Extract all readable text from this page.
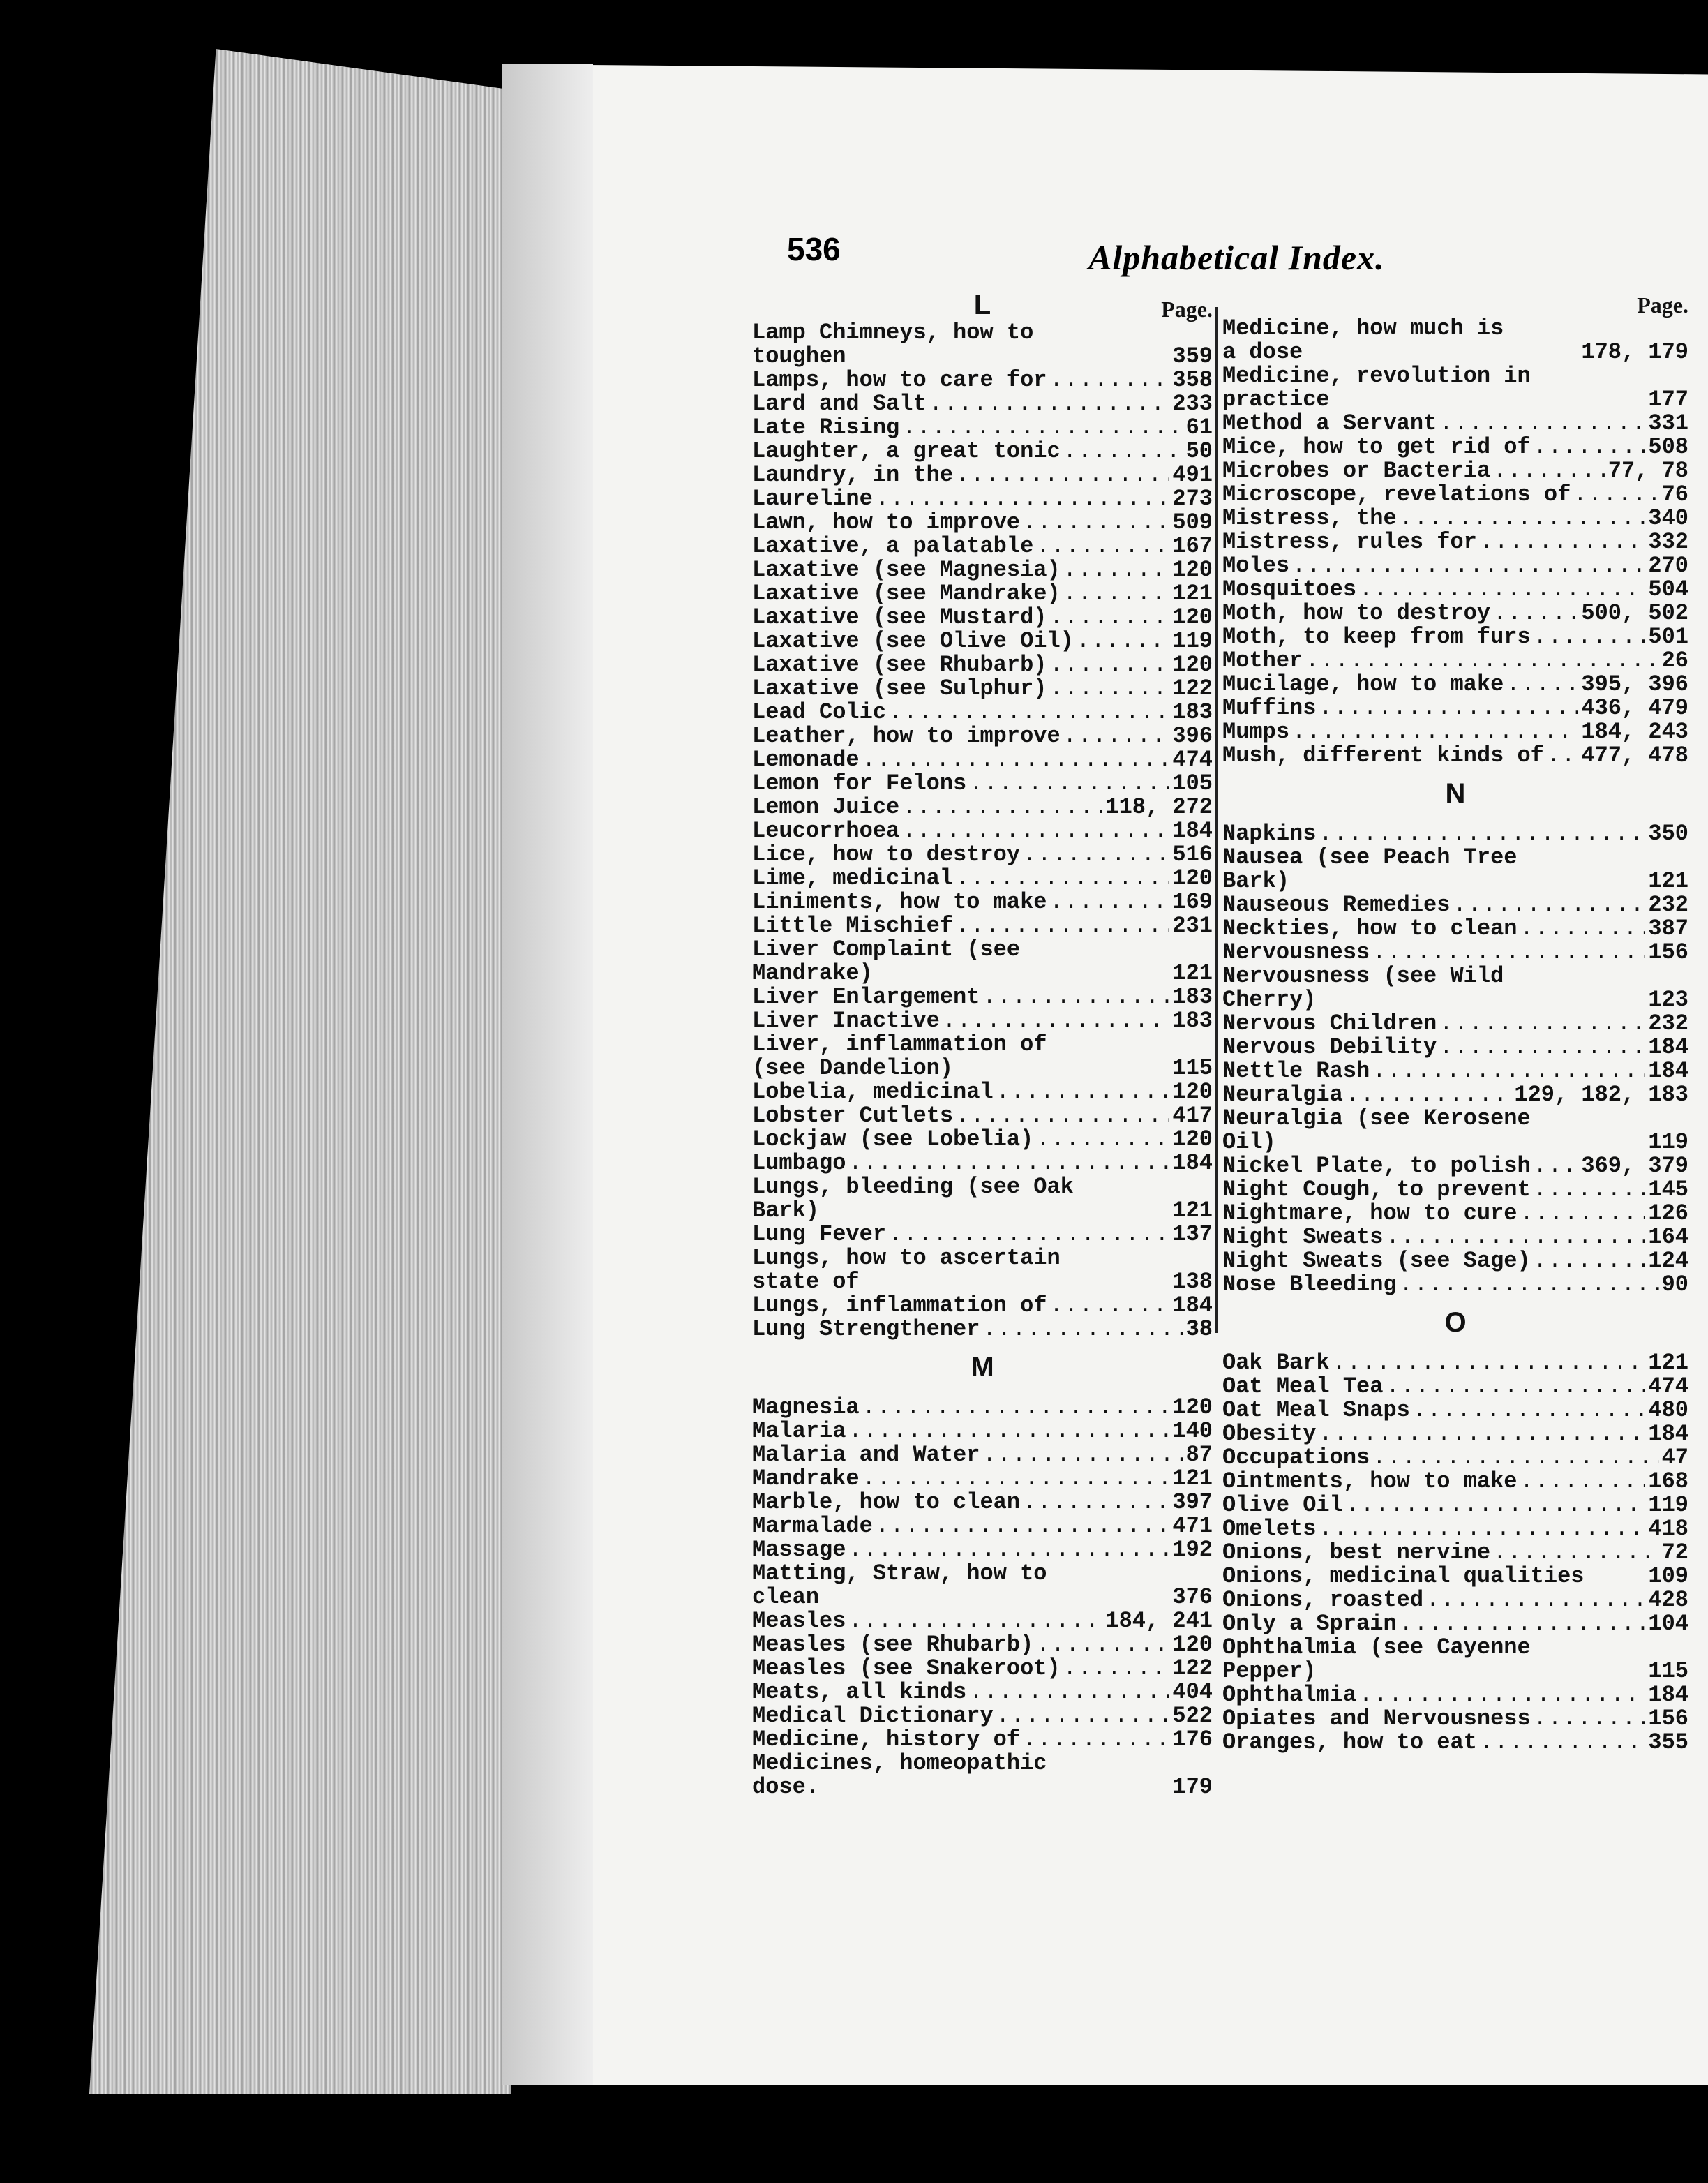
536	Alphabetical Index.
L	Page.
Lamp Chimneys, how to toughen	359
Lamps, how to care for .....	358
Lard and Salt .....	233
Late Rising .....	61
Laughter, a great tonic .....	50
Laundry, in the .....	491
Laureline .....	273
Lawn, how to improve .....	509
Laxative, a palatable .....	167
Laxative (see Magnesia) .....	120
Laxative (see Mandrake) .....	121
Laxative (see Mustard) .....	120
Laxative (see Olive Oil) .....	119
Laxative (see Rhubarb) .....	120
Laxative (see Sulphur) .....	122
Lead Colic .....	183
Leather, how to improve .....	396
Lemonade .....	474
Lemon for Felons .....	105
Lemon Juice .....	118, 272
Leucorrhoea .....	184
Lice, how to destroy .....	516
Lime, medicinal .....	120
Liniments, how to make .....	169
Little Mischief .....	231
Liver Complaint (see Mandrake)	121
Liver Enlargement .....	183
Liver Inactive .....	183
Liver, inflammation of (see Dandelion)	115
Lobelia, medicinal .....	120
Lobster Cutlets .....	417
Lockjaw (see Lobelia) .....	120
Lumbago .....	184
Lungs, bleeding (see Oak Bark)	121
Lung Fever .....	137
Lungs, how to ascertain state of	138
Lungs, inflammation of .....	184
Lung Strengthener .....	38
M
Magnesia .....	120
Malaria .....	140
Malaria and Water .....	87
Mandrake .....	121
Marble, how to clean .....	397
Marmalade .....	471
Massage .....	192
Matting, Straw, how to clean	376
Measles .....	184, 241
Measles (see Rhubarb) .....	120
Measles (see Snakeroot) .....	122
Meats, all kinds .....	404
Medical Dictionary .....	522
Medicine, history of .....	176
Medicines, homeopathic dose.	179
Page.
Medicine, how much is a dose	178, 179
Medicine, revolution in practice	177
Method a Servant .....	331
Mice, how to get rid of .....	508
Microbes or Bacteria .....	77, 78
Microscope, revelations of .....	76
Mistress, the .....	340
Mistress, rules for .....	332
Moles .....	270
Mosquitoes .....	504
Moth, how to destroy .....	500, 502
Moth, to keep from furs .....	501
Mother .....	26
Mucilage, how to make .....	395, 396
Muffins .....	436, 479
Mumps .....	184, 243
Mush, different kinds of ..... 477, 478
N
Napkins .....	350
Nausea (see Peach Tree Bark)	121
Nauseous Remedies .....	232
Neckties, how to clean .....	387
Nervousness .....	156
Nervousness (see Wild Cherry)	123
Nervous Children .....	232
Nervous Debility .....	184
Nettle Rash .....	184
Neuralgia .....	129, 182, 183
Neuralgia (see Kerosene Oil)	119
Nickel Plate, to polish ..... 369, 379
Night Cough, to prevent .....	145
Nightmare, how to cure .....	126
Night Sweats .....	164
Night Sweats (see Sage) .....	124
Nose Bleeding .....	90
O
Oak Bark .....	121
Oat Meal Tea .....	474
Oat Meal Snaps .....	480
Obesity .....	184
Occupations .....	47
Ointments, how to make .....	168
Olive Oil .....	119
Omelets .....	418
Onions, best nervine .....	72
Onions, medicinal qualities .....	109
Onions, roasted .....	428
Only a Sprain .....	104
Ophthalmia (see Cayenne Pepper)	115
Ophthalmia .....	184
Opiates and Nervousness .....	156
Oranges, how to eat .....	355
